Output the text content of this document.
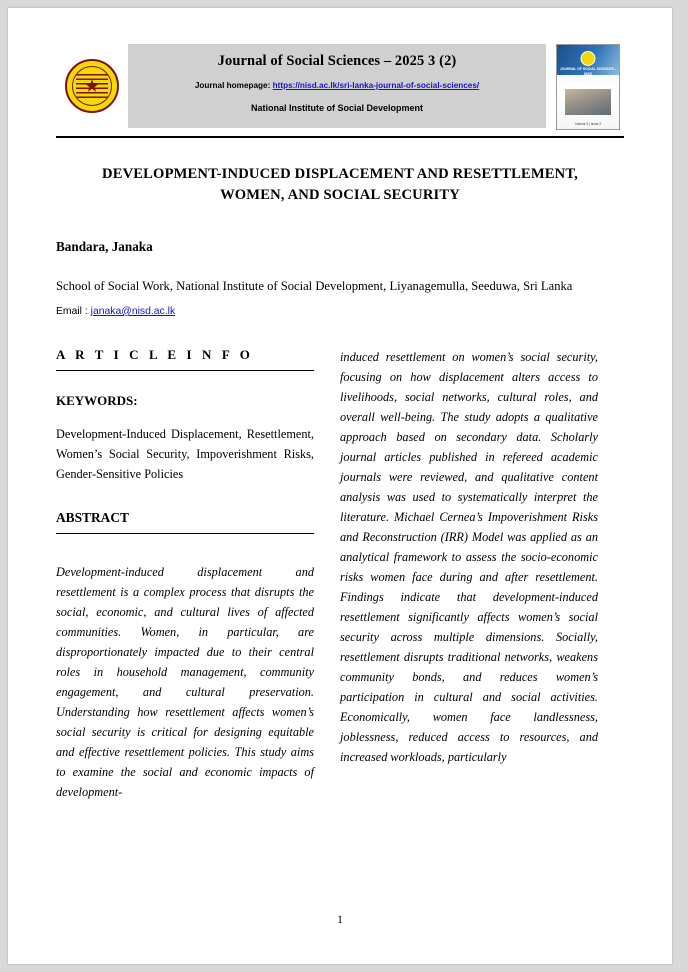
Journal of Social Sciences – 2025 3 (2)
Journal homepage: https://nisd.ac.lk/sri-lanka-journal-of-social-sciences/
National Institute of Social Development
JOURNAL OF SOCIAL SCIENCES - NISD
Volume 3 | Issue 2
DEVELOPMENT-INDUCED DISPLACEMENT AND RESETTLEMENT, WOMEN, AND SOCIAL SECURITY
Bandara, Janaka
School of Social Work, National Institute of Social Development, Liyanagemulla, Seeduwa, Sri Lanka
Email : janaka@nisd.ac.lk
A R T I C L E I N F O
KEYWORDS:
Development-Induced Displacement, Resettlement, Women’s Social Security, Impoverishment Risks, Gender-Sensitive Policies
ABSTRACT
Development-induced displacement and resettlement is a complex process that disrupts the social, economic, and cultural lives of affected communities. Women, in particular, are disproportionately impacted due to their central roles in household management, community engagement, and cultural preservation. Understanding how resettlement affects women’s social security is critical for designing equitable and effective resettlement policies. This study aims to examine the social and economic impacts of development-
induced resettlement on women’s social security, focusing on how displacement alters access to livelihoods, social networks, cultural roles, and overall well-being. The study adopts a qualitative approach based on secondary data. Scholarly journal articles published in refereed academic journals were reviewed, and qualitative content analysis was used to systematically interpret the literature. Michael Cernea’s Impoverishment Risks and Reconstruction (IRR) Model was applied as an analytical framework to assess the socio-economic risks women face during and after resettlement. Findings indicate that development-induced resettlement significantly affects women’s social security across multiple dimensions. Socially, resettlement disrupts traditional networks, weakens community bonds, and reduces women’s participation in cultural and social activities. Economically, women face landlessness, joblessness, reduced access to resources, and increased workloads, particularly
1
